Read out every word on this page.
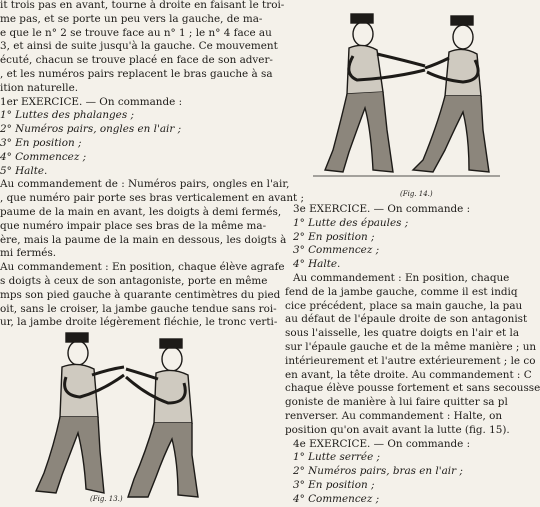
(Fig. 14.)
(Fig. 13.)
it trois pas en avant, tourne à droite en faisant le troi-
me pas, et se porte un peu vers la gauche, de ma-
e que le n° 2 se trouve face au n° 1 ; le n° 4 face au
3, et ainsi de suite jusqu'à la gauche. Ce mouvement
écuté, chacun se trouve placé en face de son adver-
, et les numéros pairs replacent le bras gauche à sa
ition naturelle.
1er EXERCICE. — On commande :
1° Luttes des phalanges ;
2° Numéros pairs, ongles en l'air ;
3° En position ;
4° Commencez ;
5° Halte.
Au commandement de : Numéros pairs, ongles en l'air,
, que numéro pair porte ses bras verticalement en avant ;
paume de la main en avant, les doigts à demi fermés,
que numéro impair place ses bras de la même ma-
ère, mais la paume de la main en dessous, les doigts à
mi fermés.
Au commandement : En position, chaque élève agrafe
s doigts à ceux de son antagoniste, porte en même
mps son pied gauche à quarante centimètres du pied
oit, sans le croiser, la jambe gauche tendue sans roi-
ur, la jambe droite légèrement fléchie, le tronc verti-
3e EXERCICE. — On commande :
1° Lutte des épaules ;
2° En position ;
3° Commencez ;
4° Halte.
Au commandement : En position, chaque
fend de la jambe gauche, comme il est indiq
cice précédent, place sa main gauche, la pau
au défaut de l'épaule droite de son antagonist
sous l'aisselle, les quatre doigts en l'air et la
sur l'épaule gauche et de la même manière ; un
intérieurement et l'autre extérieurement ; le co
en avant, la tête droite. Au commandement : C
chaque élève pousse fortement et sans secousse
goniste de manière à lui faire quitter sa pl
renverser. Au commandement : Halte, on
position qu'on avait avant la lutte (fig. 15).
4e EXERCICE. — On commande :
1° Lutte serrée ;
2° Numéros pairs, bras en l'air ;
3° En position ;
4° Commencez ;
